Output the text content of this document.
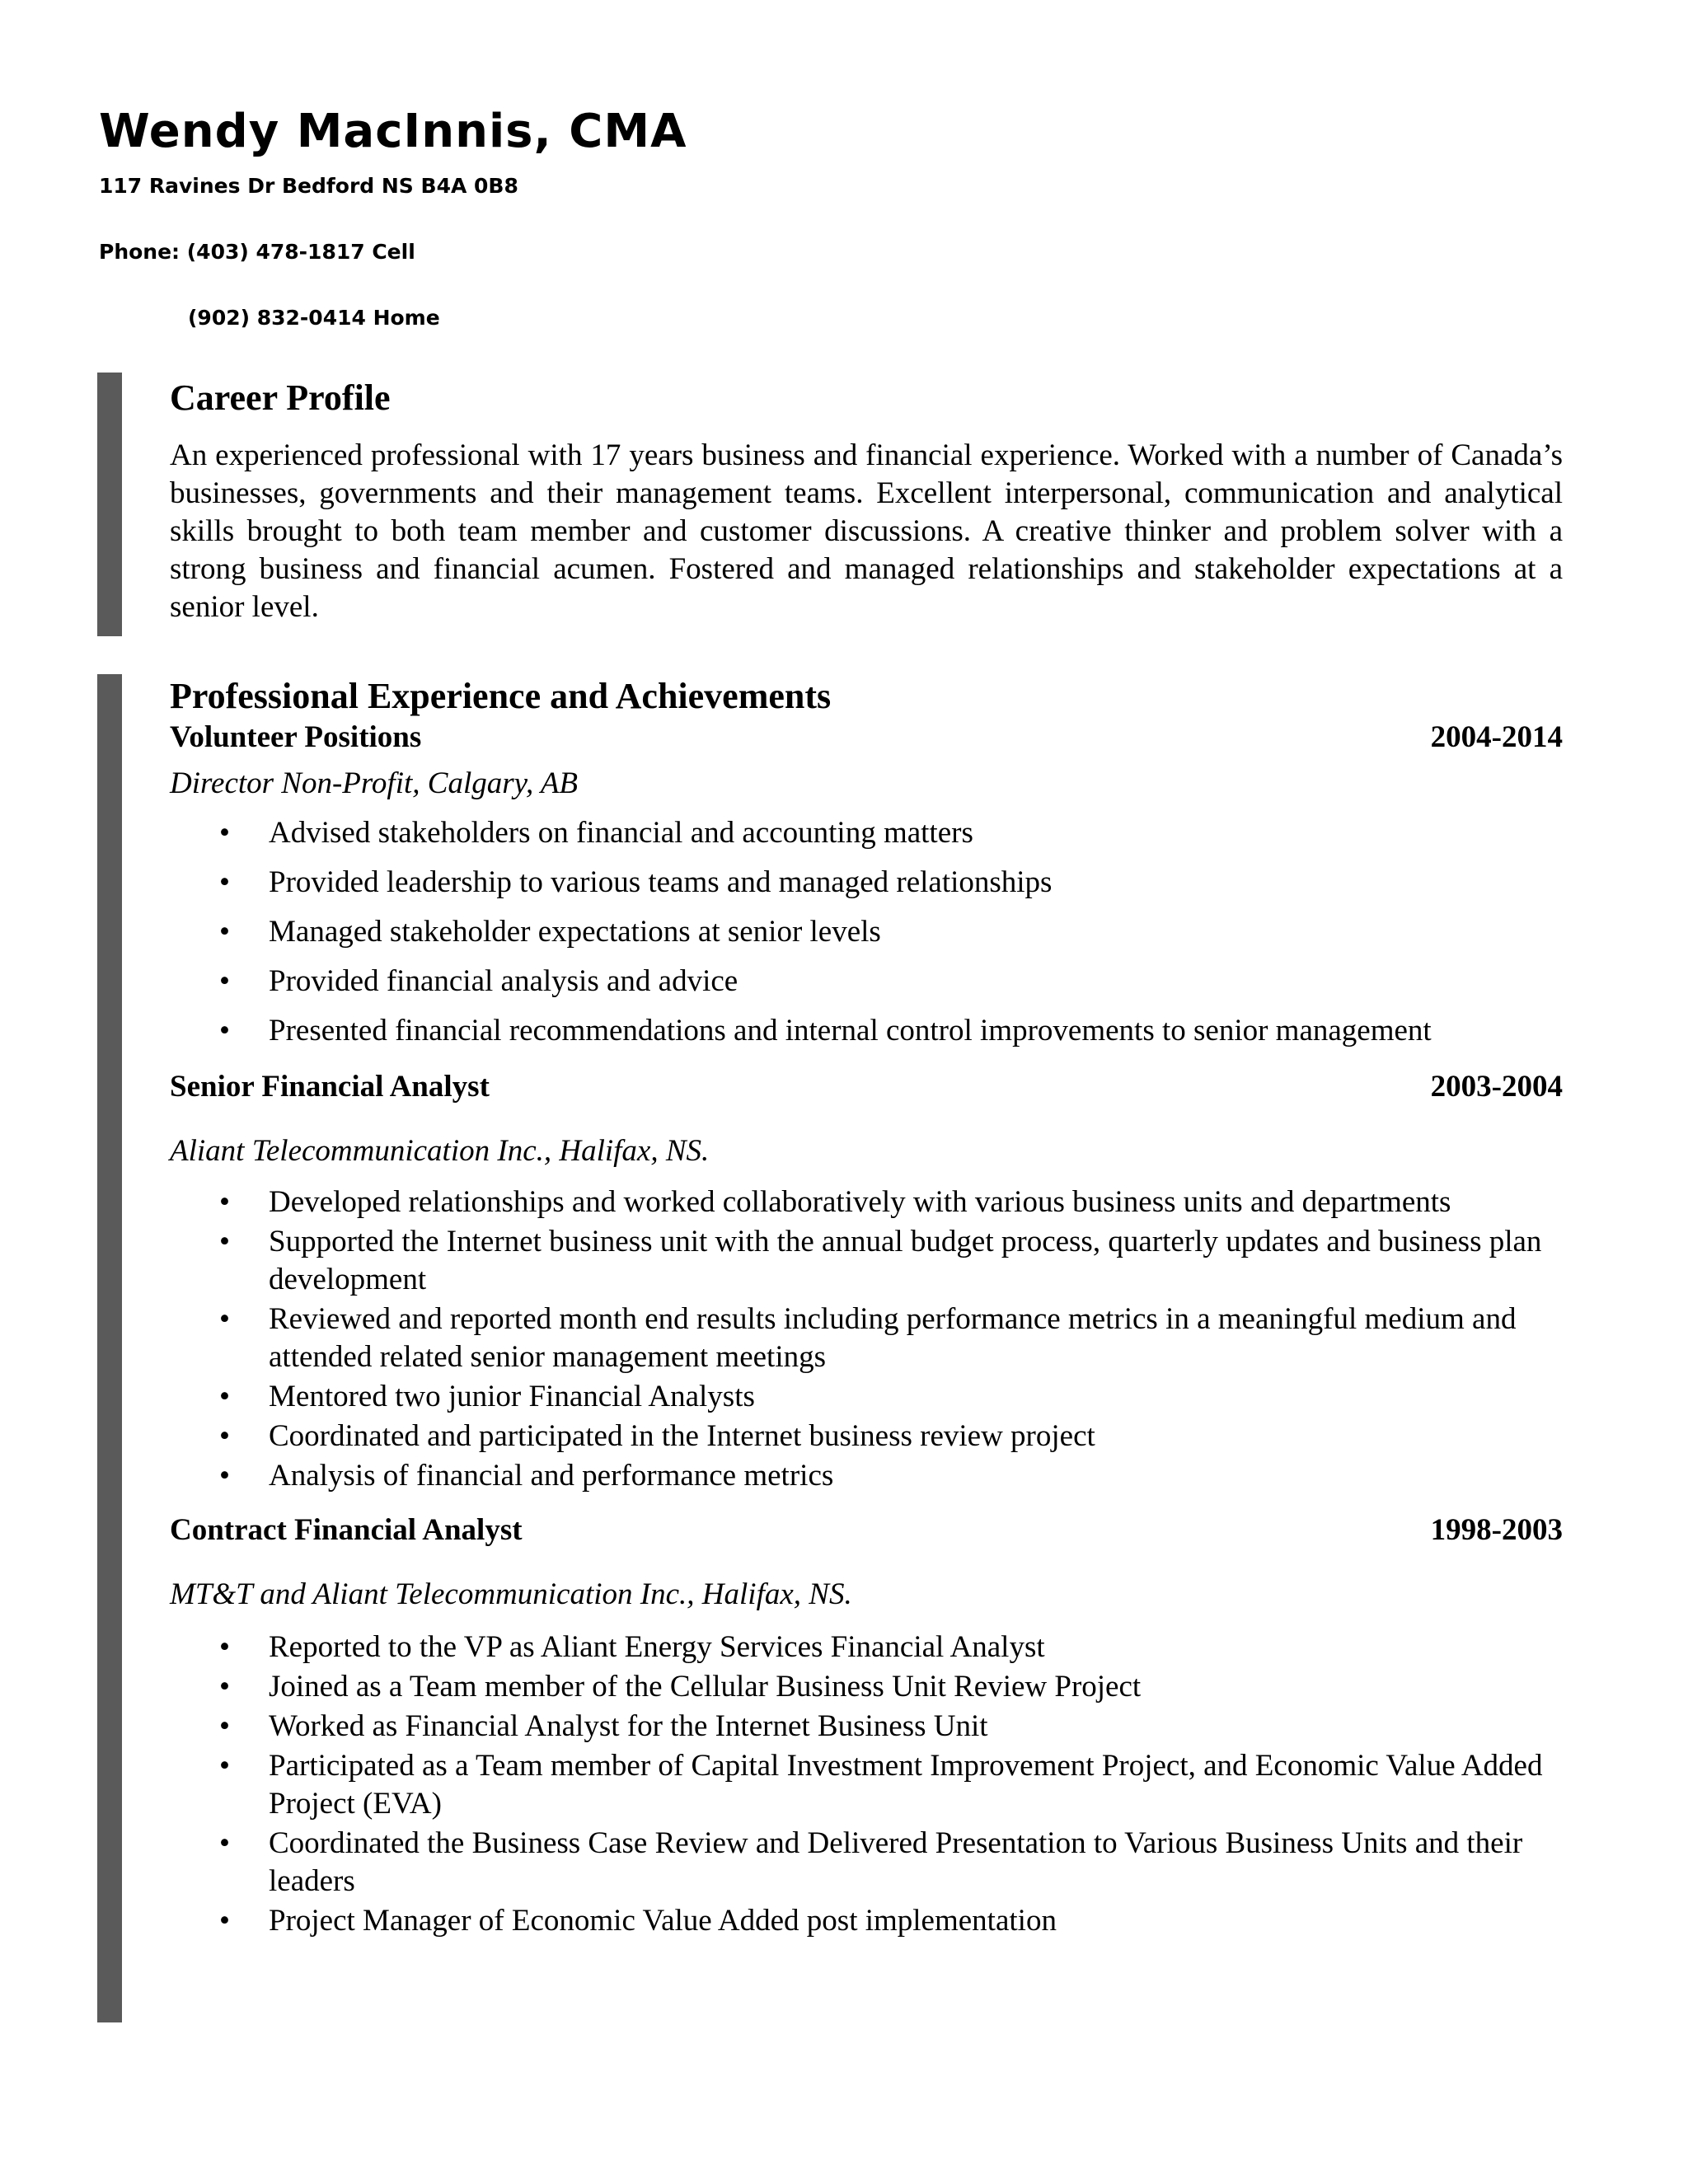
Wendy MacInnis, CMA

117 Ravines Dr Bedford NS B4A 0B8

Phone: (403) 478-1817 Cell

(902) 832-0414 Home

Career Profile

An experienced professional with 17 years business and financial experience. Worked with a number of Canada’s businesses, governments and their management teams. Excellent interpersonal, communication and analytical skills brought to both team member and customer discussions. A creative thinker and problem solver with a strong business and financial acumen. Fostered and managed relationships and stakeholder expectations at a senior level.

Professional Experience and Achievements
Volunteer Positions	2004-2014

Director Non-Profit, Calgary, AB

• Advised stakeholders on financial and accounting matters
• Provided leadership to various teams and managed relationships
• Managed stakeholder expectations at senior levels
• Provided financial analysis and advice
• Presented financial recommendations and internal control improvements to senior management
Senior Financial Analyst	2003-2004

Aliant Telecommunication Inc., Halifax, NS.

• Developed relationships and worked collaboratively with various business units and departments
• Supported the Internet business unit with the annual budget process, quarterly updates and business plan development
• Reviewed and reported month end results including performance metrics in a meaningful medium and attended related senior management meetings
• Mentored two junior Financial Analysts
• Coordinated and participated in the Internet business review project
• Analysis of financial and performance metrics
Contract Financial Analyst	1998-2003

MT&T and Aliant Telecommunication Inc., Halifax, NS.

• Reported to the VP as Aliant Energy Services Financial Analyst
• Joined as a Team member of the Cellular Business Unit Review Project
• Worked as Financial Analyst for the Internet Business Unit
• Participated as a Team member of Capital Investment Improvement Project, and Economic Value Added Project (EVA)
• Coordinated the Business Case Review and Delivered Presentation to Various Business Units and their leaders
• Project Manager of Economic Value Added post implementation
